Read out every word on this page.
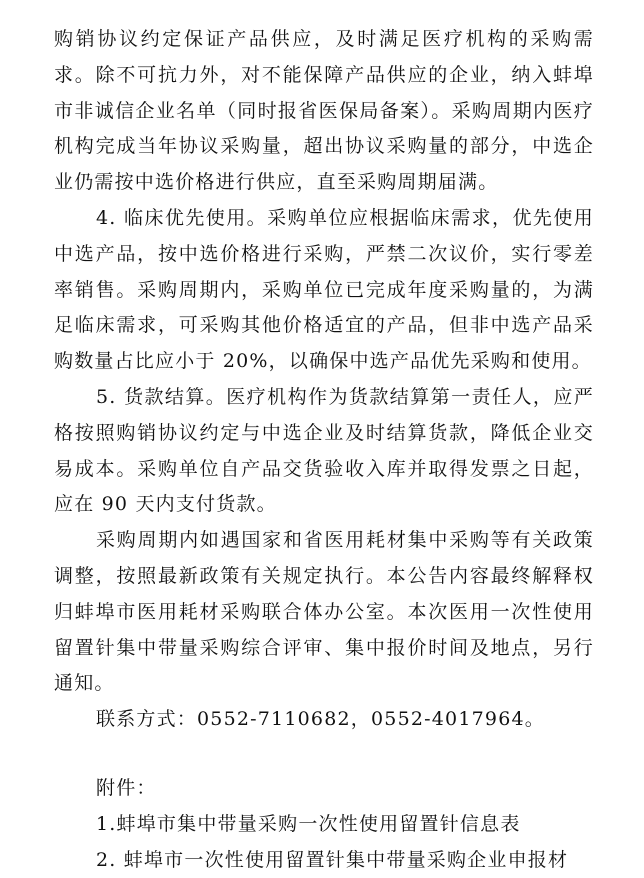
购销协议约定保证产品供应，及时满足医疗机构的采购需求。除不可抗力外，对不能保障产品供应的企业，纳入蚌埠市非诚信企业名单（同时报省医保局备案）。采购周期内医疗机构完成当年协议采购量，超出协议采购量的部分，中选企业仍需按中选价格进行供应，直至采购周期届满。

4. 临床优先使用。采购单位应根据临床需求，优先使用中选产品，按中选价格进行采购，严禁二次议价，实行零差率销售。采购周期内，采购单位已完成年度采购量的，为满足临床需求，可采购其他价格适宜的产品，但非中选产品采购数量占比应小于 20%，以确保中选产品优先采购和使用。

5. 货款结算。医疗机构作为货款结算第一责任人，应严格按照购销协议约定与中选企业及时结算货款，降低企业交易成本。采购单位自产品交货验收入库并取得发票之日起，应在 90 天内支付货款。

采购周期内如遇国家和省医用耗材集中采购等有关政策调整，按照最新政策有关规定执行。本公告内容最终解释权归蚌埠市医用耗材采购联合体办公室。本次医用一次性使用留置针集中带量采购综合评审、集中报价时间及地点，另行通知。

联系方式：0552-7110682，0552-4017964。

附件：

1.蚌埠市集中带量采购一次性使用留置针信息表

2. 蚌埠市一次性使用留置针集中带量采购企业申报材
